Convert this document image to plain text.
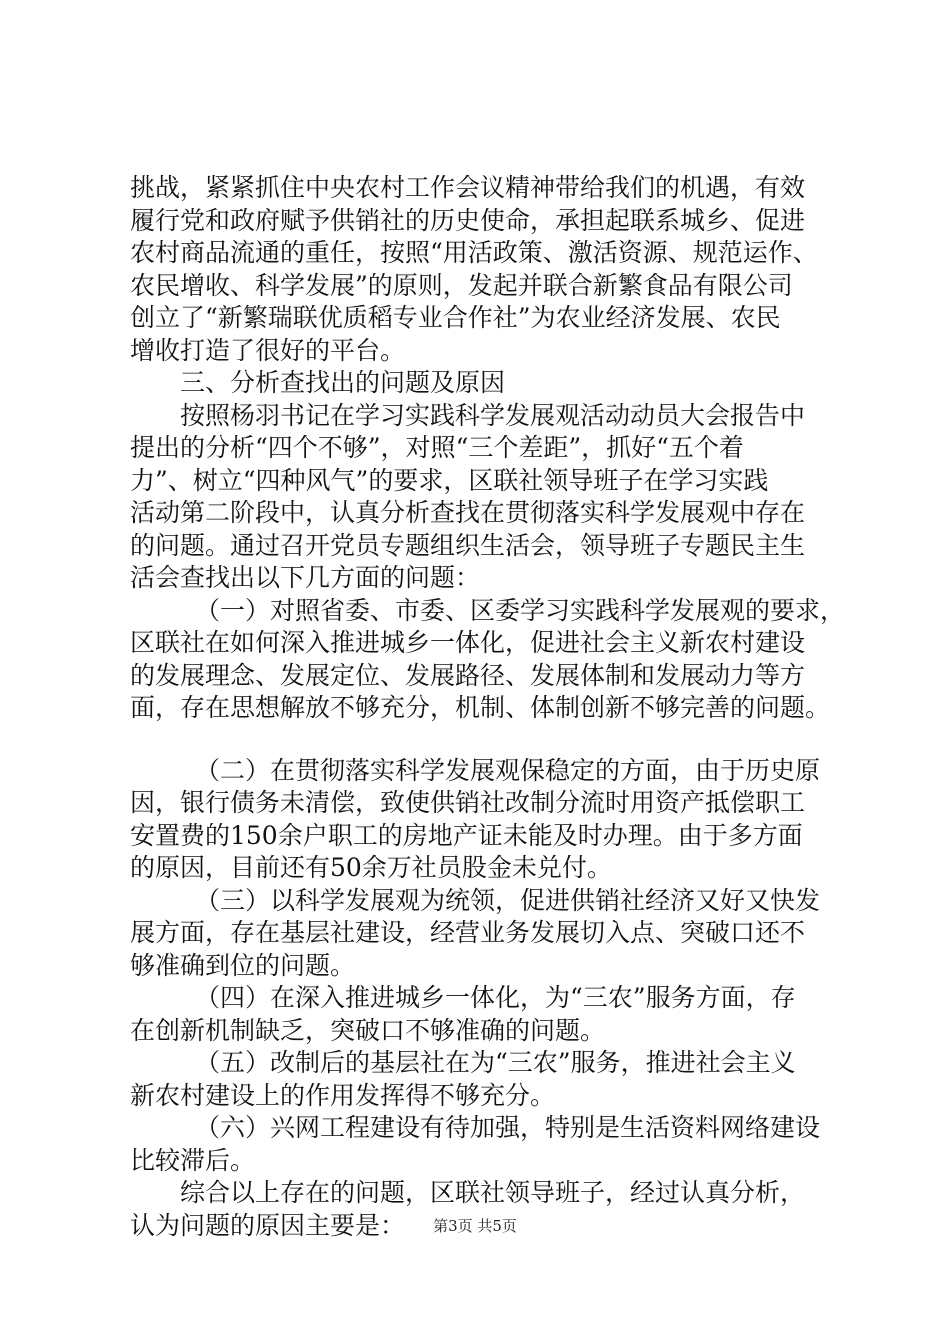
挑战，紧紧抓住中央农村工作会议精神带给我们的机遇，有效
履行党和政府赋予供销社的历史使命，承担起联系城乡、促进
农村商品流通的重任，按照“用活政策、激活资源、规范运作、
农民增收、科学发展”的原则，发起并联合新繁食品有限公司
创立了“新繁瑞联优质稻专业合作社”为农业经济发展、农民
增收打造了很好的平台。
三、分析查找出的问题及原因
按照杨羽书记在学习实践科学发展观活动动员大会报告中
提出的分析“四个不够”，对照“三个差距”，抓好“五个着
力”、树立“四种风气”的要求，区联社领导班子在学习实践
活动第二阶段中，认真分析查找在贯彻落实科学发展观中存在
的问题。通过召开党员专题组织生活会，领导班子专题民主生
活会查找出以下几方面的问题：
（一）对照省委、市委、区委学习实践科学发展观的要求，
区联社在如何深入推进城乡一体化，促进社会主义新农村建设
的发展理念、发展定位、发展路径、发展体制和发展动力等方
面，存在思想解放不够充分，机制、体制创新不够完善的问题。
（二）在贯彻落实科学发展观保稳定的方面，由于历史原
因，银行债务未清偿，致使供销社改制分流时用资产抵偿职工
安置费的150余户职工的房地产证未能及时办理。由于多方面
的原因，目前还有50余万社员股金未兑付。
（三）以科学发展观为统领，促进供销社经济又好又快发
展方面，存在基层社建设，经营业务发展切入点、突破口还不
够准确到位的问题。
（四）在深入推进城乡一体化，为“三农”服务方面，存
在创新机制缺乏，突破口不够准确的问题。
（五）改制后的基层社在为“三农”服务，推进社会主义
新农村建设上的作用发挥得不够充分。
（六）兴网工程建设有待加强，特别是生活资料网络建设
比较滞后。
综合以上存在的问题，区联社领导班子，经过认真分析，
认为问题的原因主要是：	第3页 共5页
